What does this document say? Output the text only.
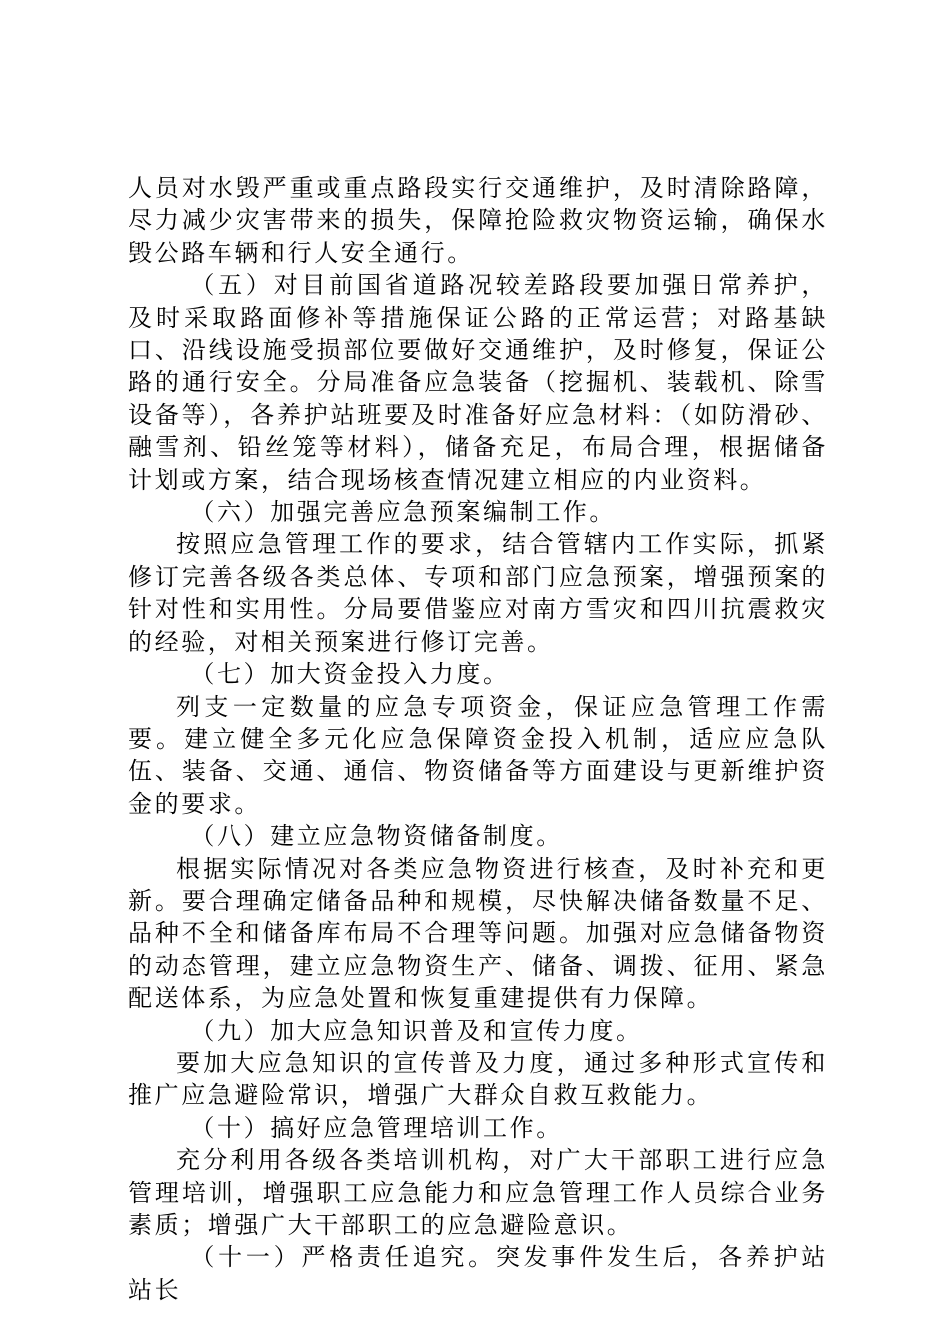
人员对水毁严重或重点路段实行交通维护，及时清除路障，尽力减少灾害带来的损失，保障抢险救灾物资运输，确保水毁公路车辆和行人安全通行。

（五）对目前国省道路况较差路段要加强日常养护，及时采取路面修补等措施保证公路的正常运营；对路基缺口、沿线设施受损部位要做好交通维护，及时修复，保证公路的通行安全。分局准备应急装备（挖掘机、装载机、除雪设备等），各养护站班要及时准备好应急材料：（如防滑砂、融雪剂、铅丝笼等材料），储备充足，布局合理，根据储备计划或方案，结合现场核查情况建立相应的内业资料。

（六）加强完善应急预案编制工作。

按照应急管理工作的要求，结合管辖内工作实际，抓紧修订完善各级各类总体、专项和部门应急预案，增强预案的针对性和实用性。分局要借鉴应对南方雪灾和四川抗震救灾的经验，对相关预案进行修订完善。

（七）加大资金投入力度。

列支一定数量的应急专项资金，保证应急管理工作需要。建立健全多元化应急保障资金投入机制，适应应急队伍、装备、交通、通信、物资储备等方面建设与更新维护资金的要求。

（八）建立应急物资储备制度。

根据实际情况对各类应急物资进行核查，及时补充和更新。要合理确定储备品种和规模，尽快解决储备数量不足、品种不全和储备库布局不合理等问题。加强对应急储备物资的动态管理，建立应急物资生产、储备、调拨、征用、紧急配送体系，为应急处置和恢复重建提供有力保障。

（九）加大应急知识普及和宣传力度。

要加大应急知识的宣传普及力度，通过多种形式宣传和推广应急避险常识，增强广大群众自救互救能力。

（十）搞好应急管理培训工作。

充分利用各级各类培训机构，对广大干部职工进行应急管理培训，增强职工应急能力和应急管理工作人员综合业务素质；增强广大干部职工的应急避险意识。

（十一）严格责任追究。突发事件发生后，各养护站站长
